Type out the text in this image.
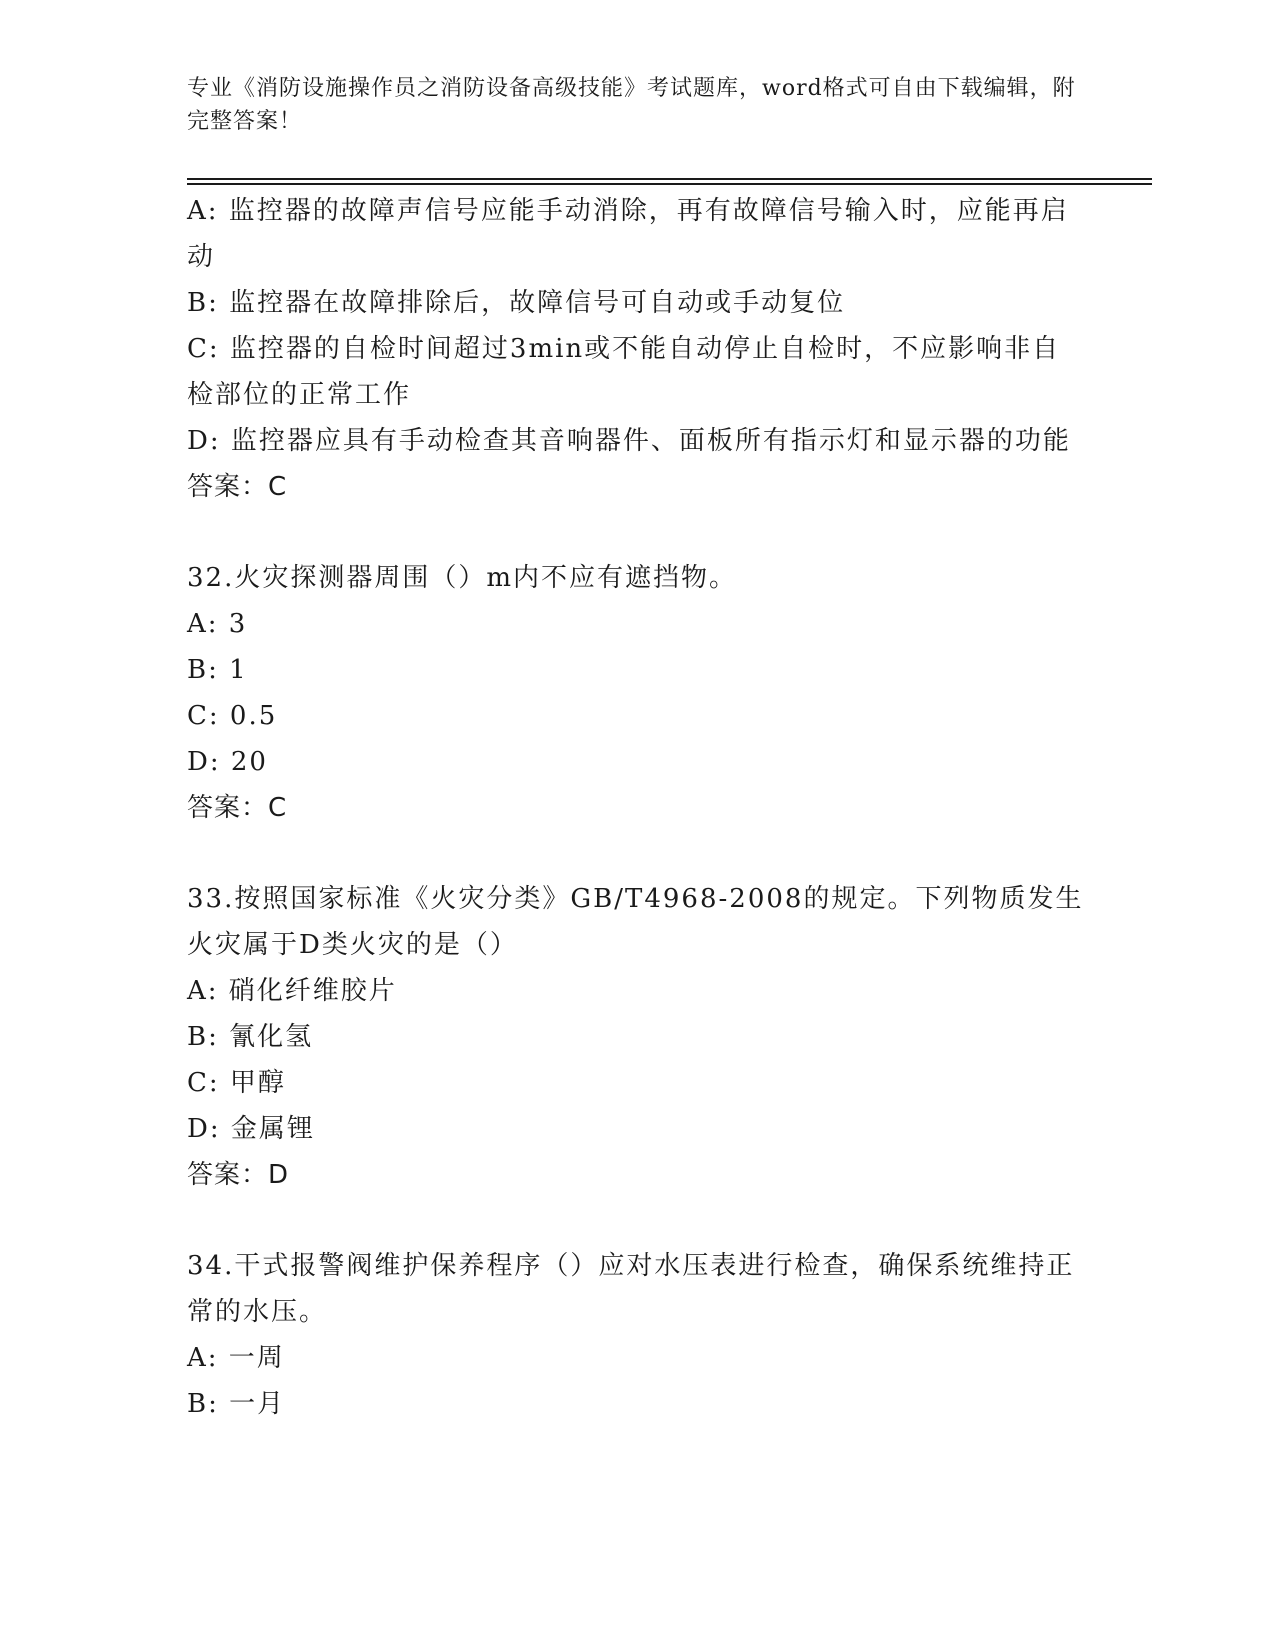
专业《消防设施操作员之消防设备高级技能》考试题库，word格式可自由下载编辑，附完整答案！
A: 监控器的故障声信号应能手动消除，再有故障信号输入时，应能再启动
B: 监控器在故障排除后，故障信号可自动或手动复位
C: 监控器的自检时间超过3min或不能自动停止自检时，不应影响非自检部位的正常工作
D: 监控器应具有手动检查其音响器件、面板所有指示灯和显示器的功能
答案：C
32.火灾探测器周围（）m内不应有遮挡物。
A: 3
B: 1
C: 0.5
D: 20
答案：C
33.按照国家标准《火灾分类》GB/T4968-2008的规定。下列物质发生火灾属于D类火灾的是（）
A: 硝化纤维胶片
B: 氰化氢
C: 甲醇
D: 金属锂
答案：D
34.干式报警阀维护保养程序（）应对水压表进行检查，确保系统维持正常的水压。
A: 一周
B: 一月
